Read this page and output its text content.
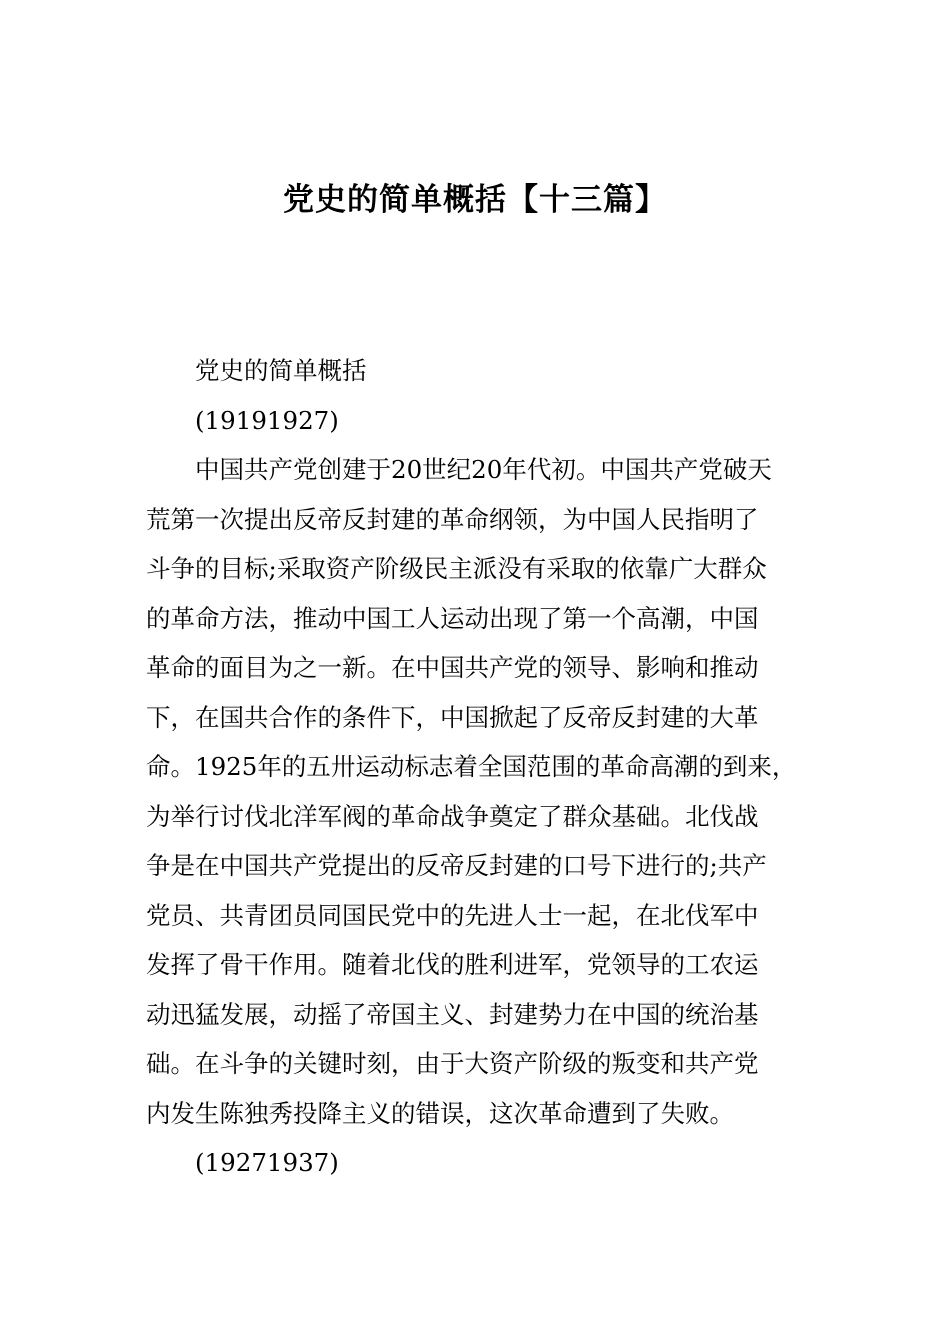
党史的简单概括【十三篇】
党史的简单概括
(19191927)
中国共产党创建于20世纪20年代初。中国共产党破天
荒第一次提出反帝反封建的革命纲领，为中国人民指明了
斗争的目标;采取资产阶级民主派没有采取的依靠广大群众
的革命方法，推动中国工人运动出现了第一个高潮，中国
革命的面目为之一新。在中国共产党的领导、影响和推动
下，在国共合作的条件下，中国掀起了反帝反封建的大革
命。1925年的五卅运动标志着全国范围的革命高潮的到来，
为举行讨伐北洋军阀的革命战争奠定了群众基础。北伐战
争是在中国共产党提出的反帝反封建的口号下进行的;共产
党员、共青团员同国民党中的先进人士一起，在北伐军中
发挥了骨干作用。随着北伐的胜利进军，党领导的工农运
动迅猛发展，动摇了帝国主义、封建势力在中国的统治基
础。在斗争的关键时刻，由于大资产阶级的叛变和共产党
内发生陈独秀投降主义的错误，这次革命遭到了失败。
(19271937)
